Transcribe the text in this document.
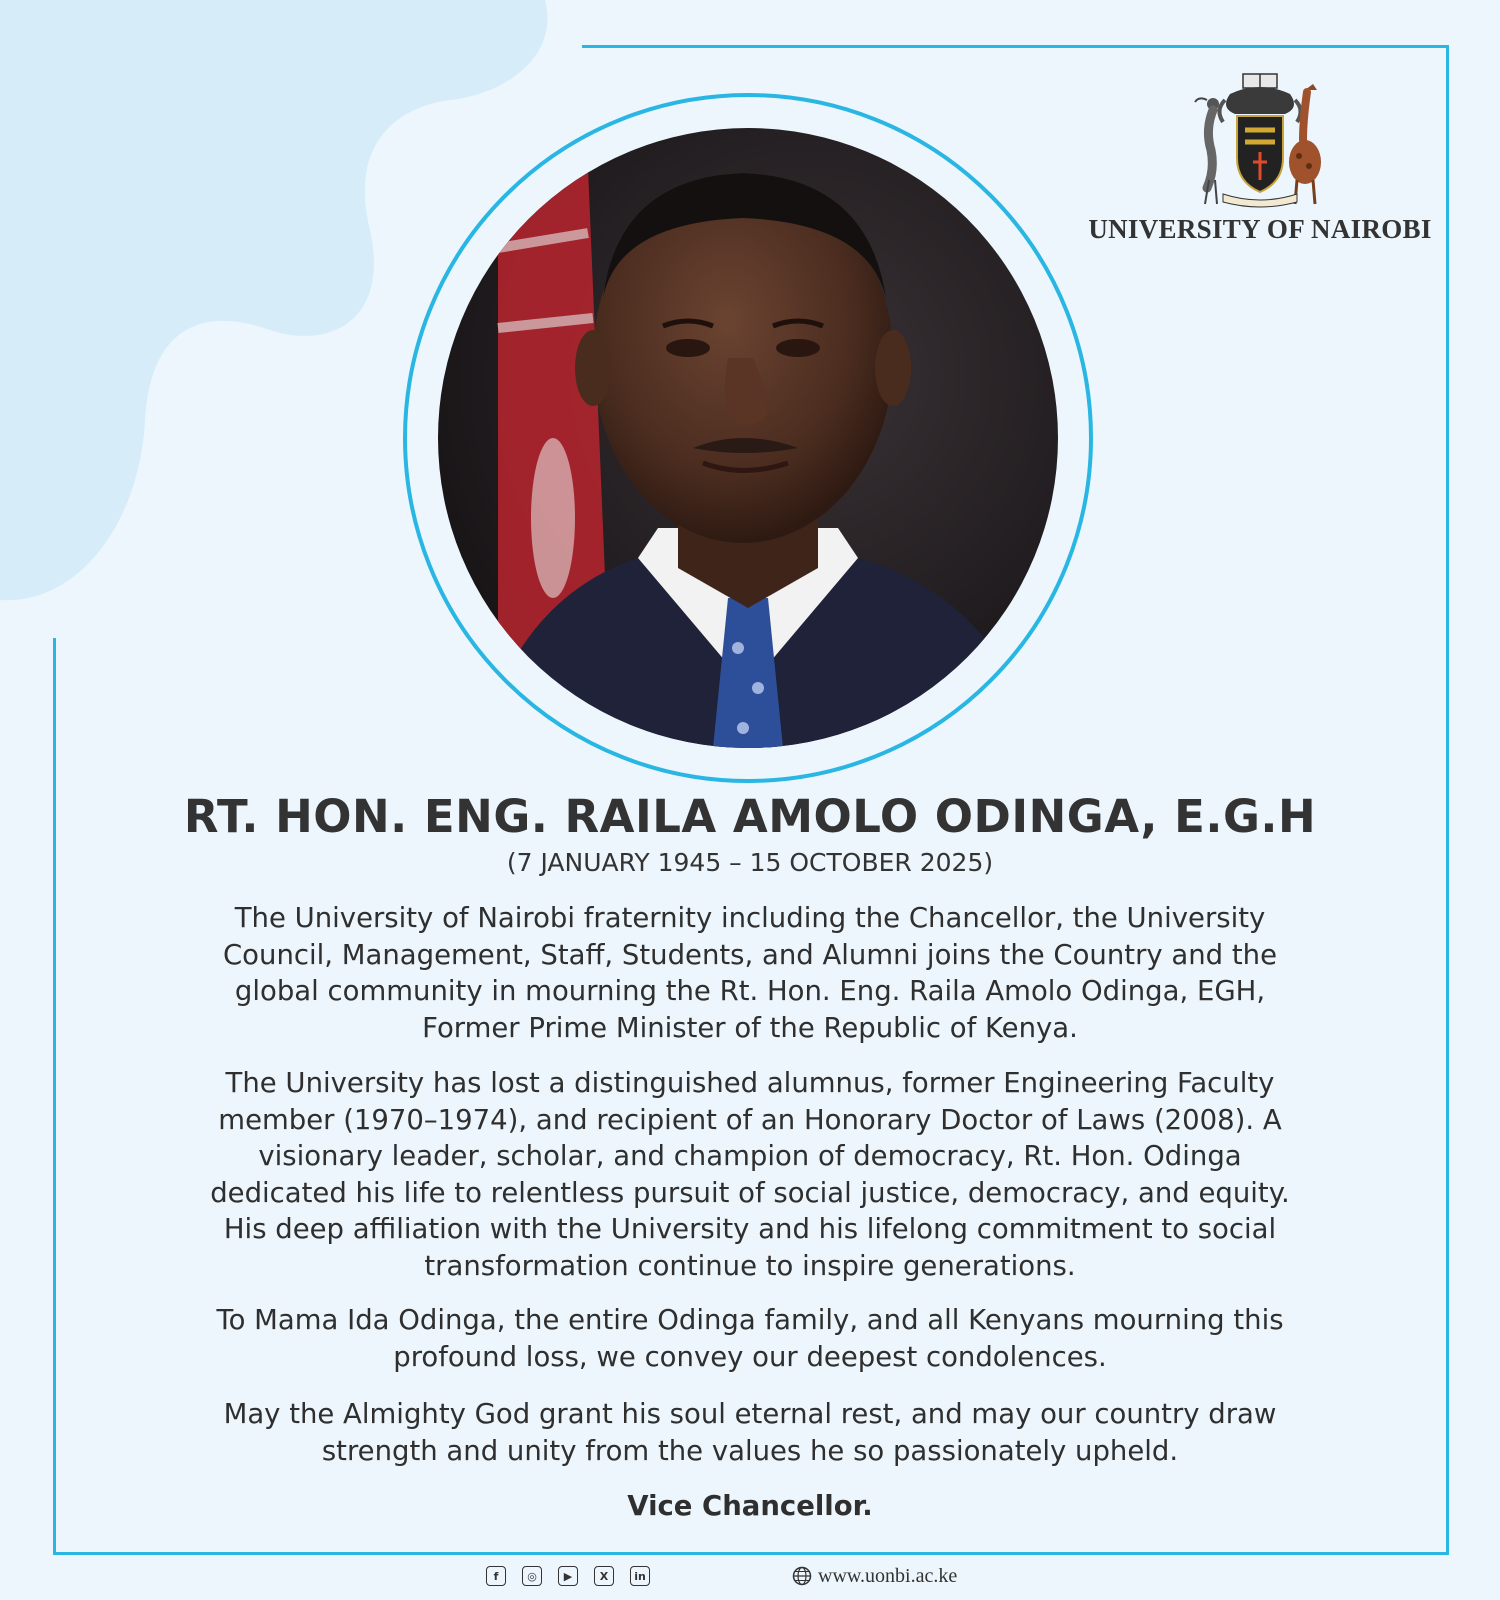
UNIVERSITY OF NAIROBI
RT. HON. ENG. RAILA AMOLO ODINGA, E.G.H
(7 JANUARY 1945 – 15 OCTOBER 2025)
The University of Nairobi fraternity including the Chancellor, the University
Council, Management, Staff, Students, and Alumni joins the Country and the
global community in mourning the Rt. Hon. Eng. Raila Amolo Odinga, EGH,
Former Prime Minister of the Republic of Kenya.
The University has lost a distinguished alumnus, former Engineering Faculty
member (1970–1974), and recipient of an Honorary Doctor of Laws (2008). A
visionary leader, scholar, and champion of democracy, Rt. Hon. Odinga
dedicated his life to relentless pursuit of social justice, democracy, and equity.
His deep affiliation with the University and his lifelong commitment to social
transformation continue to inspire generations.
To Mama Ida Odinga, the entire Odinga family, and all Kenyans mourning this
profound loss, we convey our deepest condolences.
May the Almighty God grant his soul eternal rest, and may our country draw
strength and unity from the values he so passionately upheld.
Vice Chancellor.
f	◎	▶	X	in	www.uonbi.ac.ke
